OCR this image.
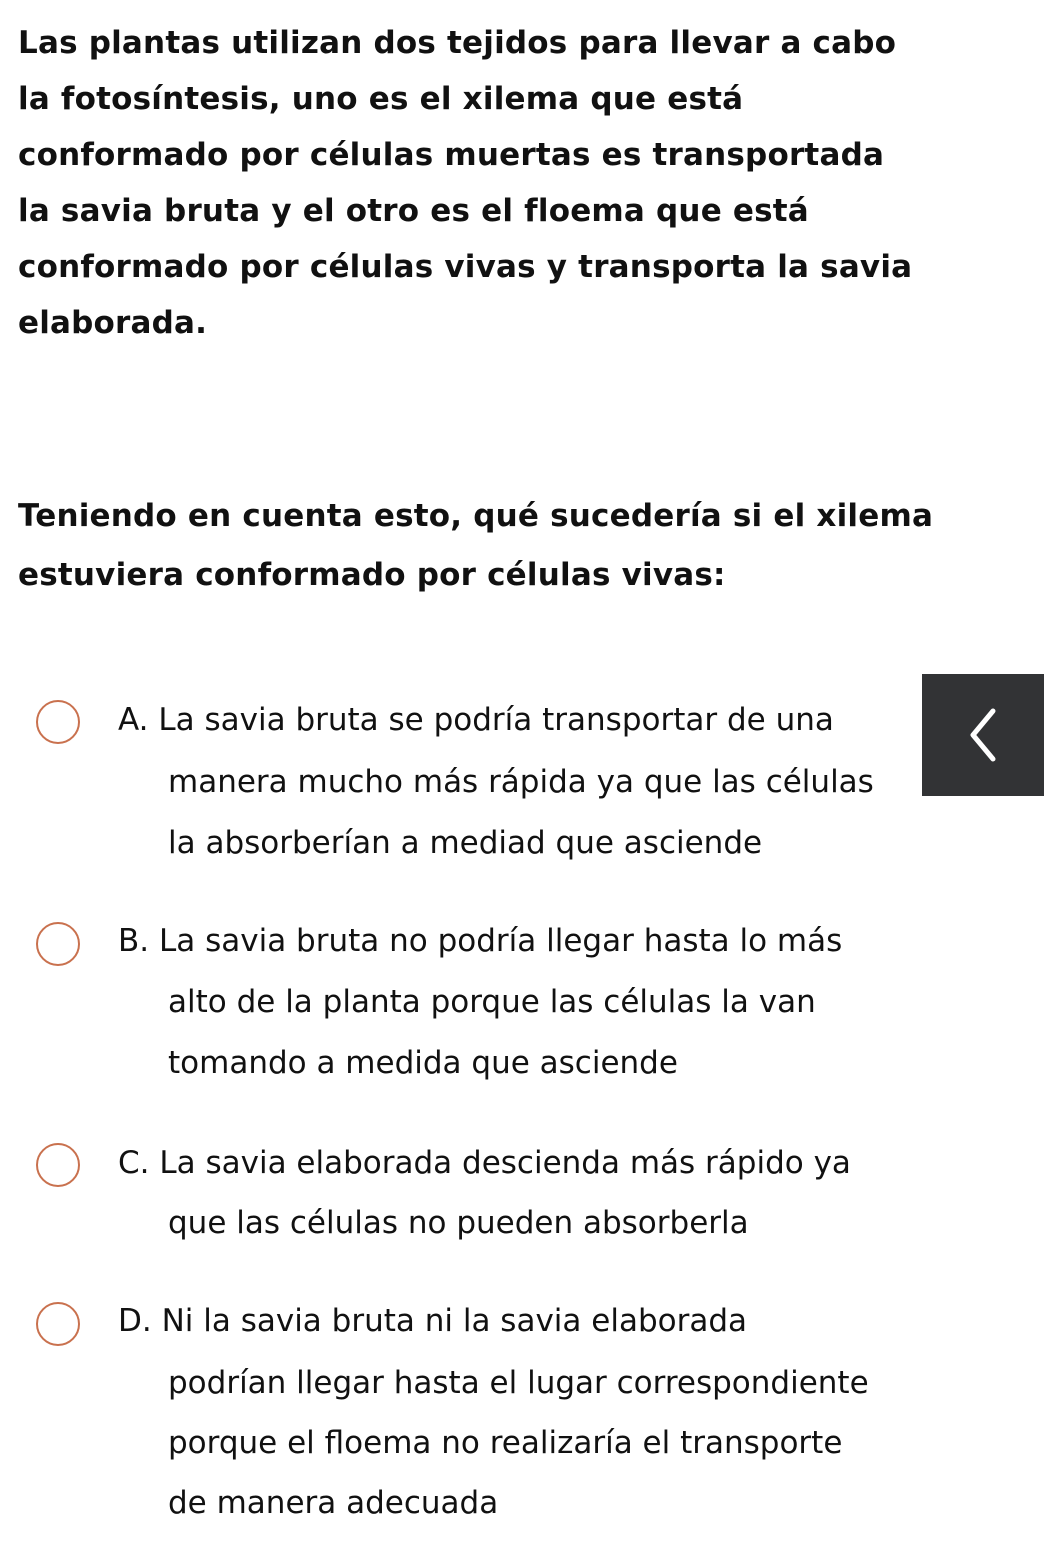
Las plantas utilizan dos tejidos para llevar a cabo
la fotosíntesis, uno es el xilema que está
conformado por células muertas es transportada
la savia bruta y el otro es el floema que está
conformado por células vivas y transporta la savia
elaborada.
Teniendo en cuenta esto, qué sucedería si el xilema
estuviera conformado por células vivas:
A. La savia bruta se podría transportar de una
manera mucho más rápida ya que las células
la absorberían a mediad que asciende
B. La savia bruta no podría llegar hasta lo más
alto de la planta porque las células la van
tomando a medida que asciende
C. La savia elaborada descienda más rápido ya
que las células no pueden absorberla
D. Ni la savia bruta ni la savia elaborada
podrían llegar hasta el lugar correspondiente
porque el floema no realizaría el transporte
de manera adecuada
